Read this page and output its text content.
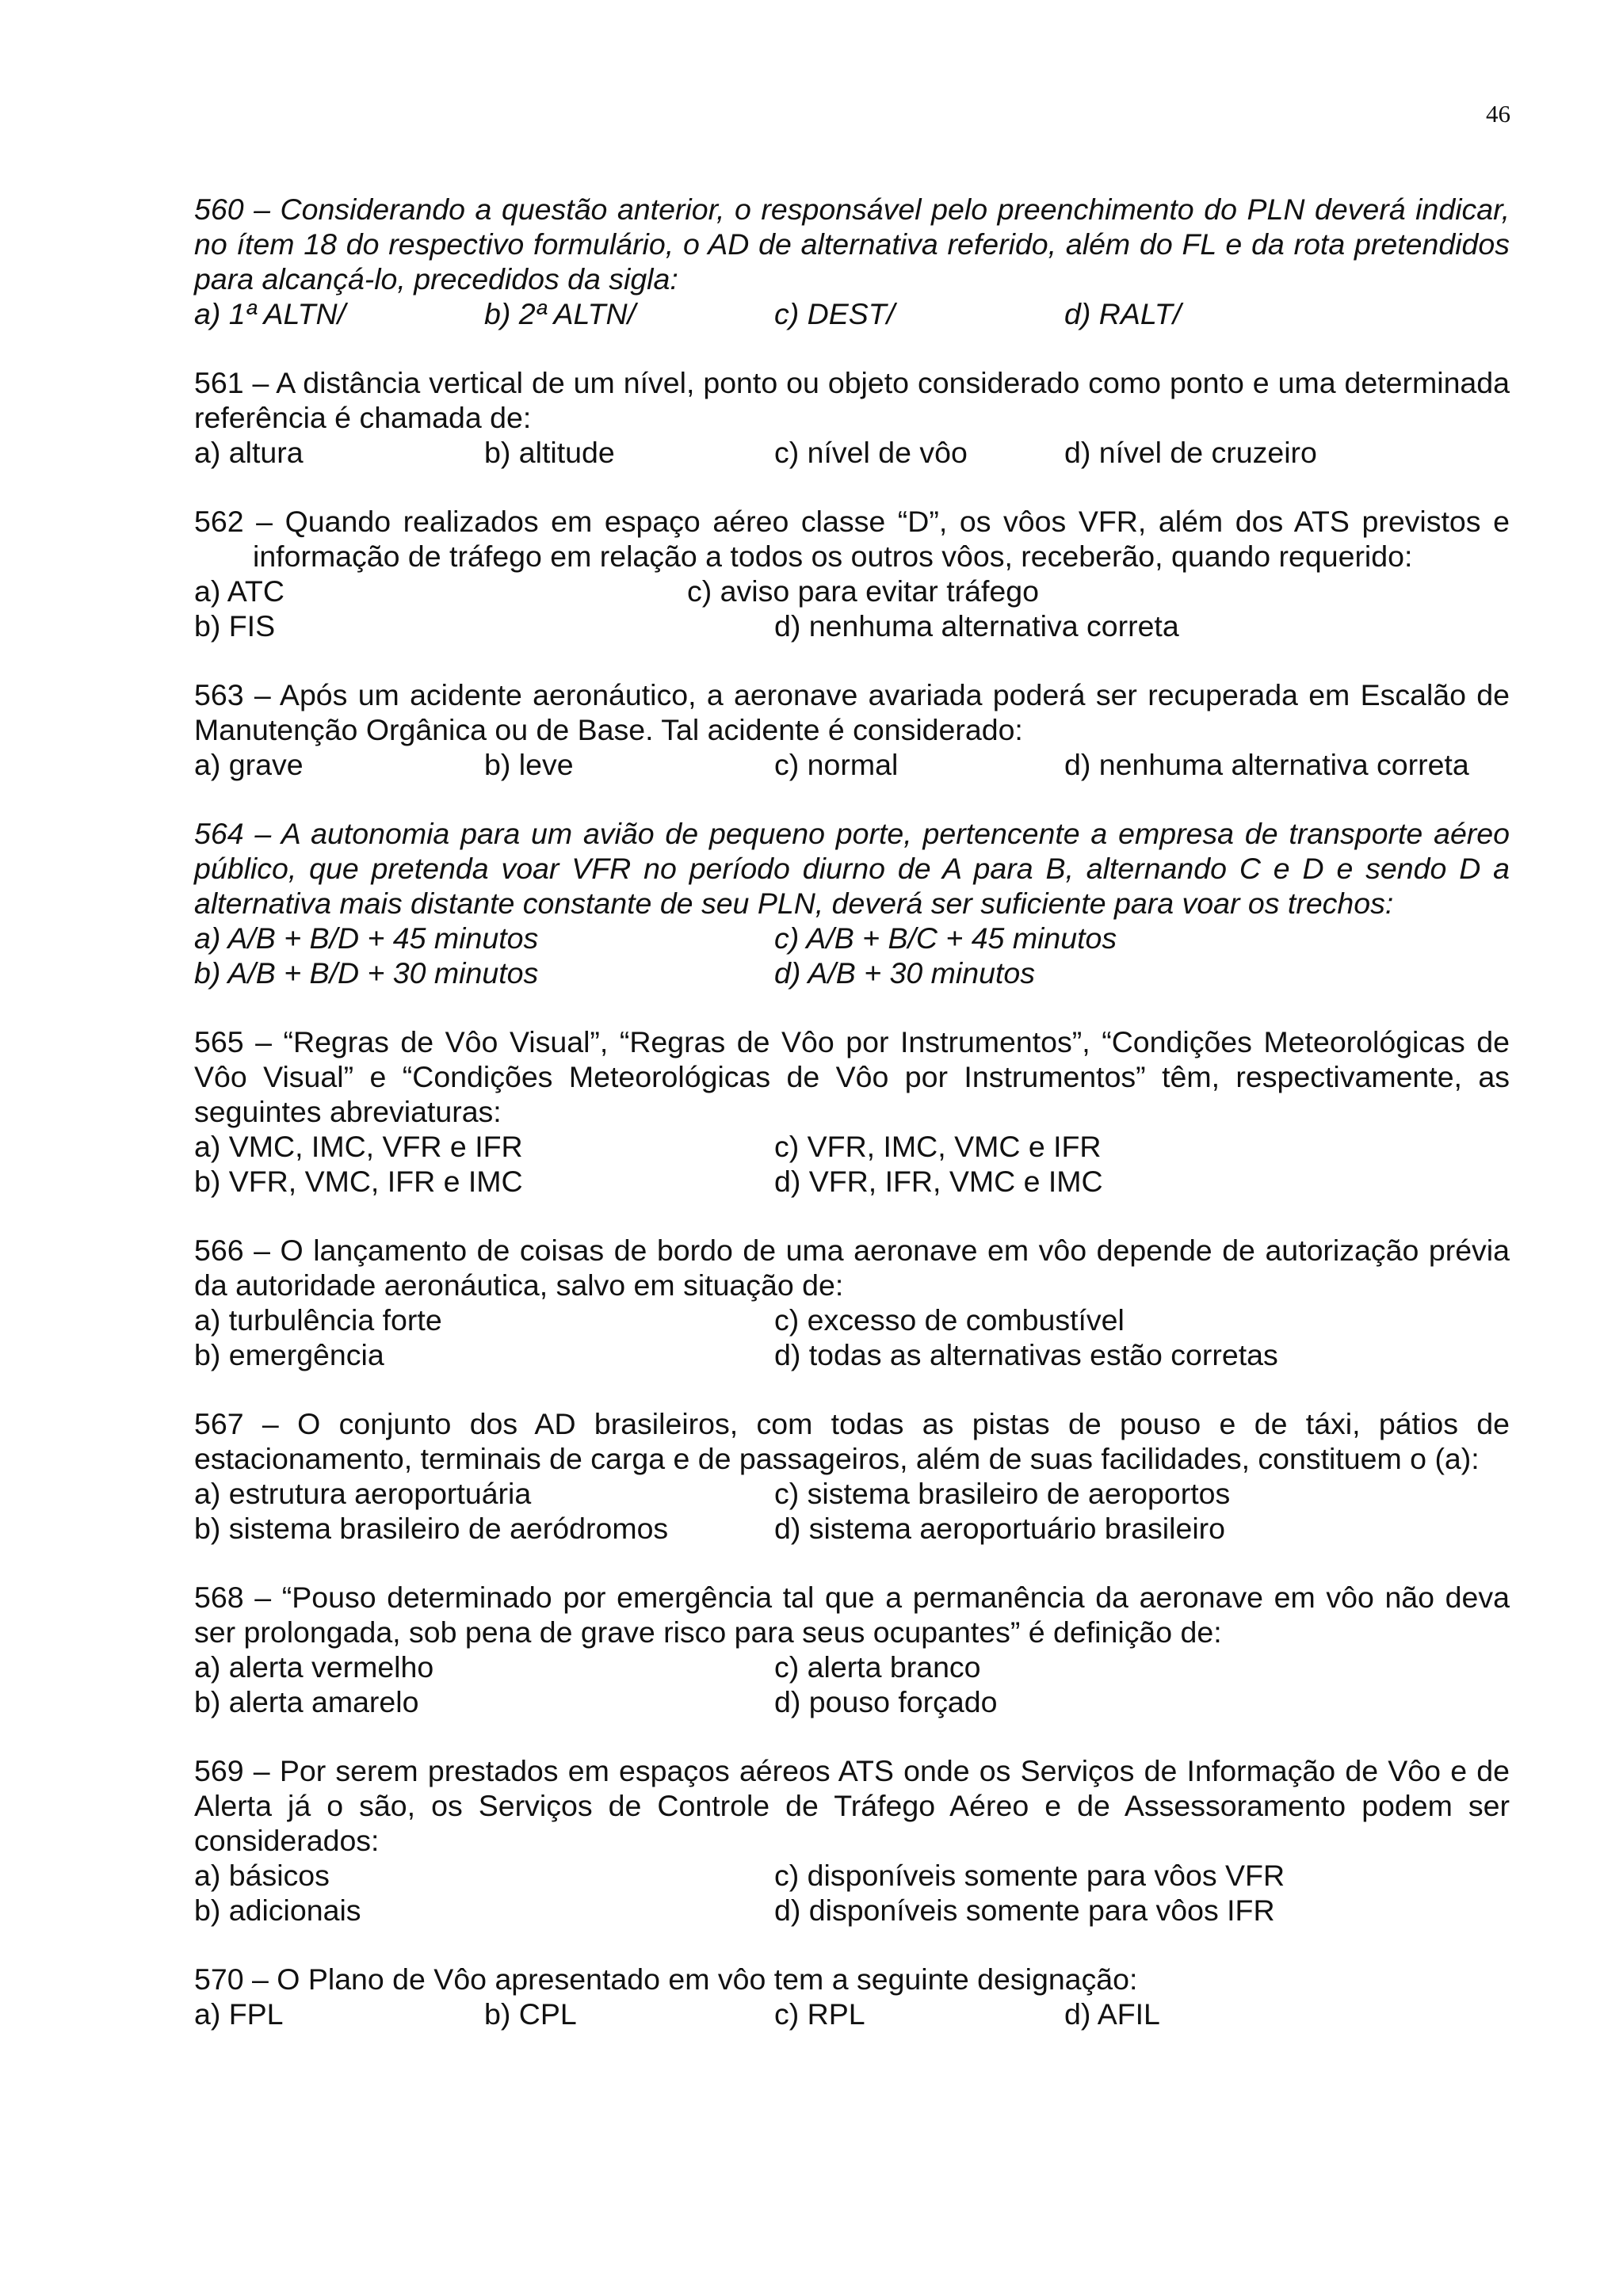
46

560 – Considerando a questão anterior, o responsável pelo preenchimento do PLN deverá indicar, no ítem 18 do respectivo formulário, o AD de alternativa referido, além do FL e da rota pretendidos para alcançá-lo, precedidos da sigla:

a) 1ª ALTN/	b) 2ª ALTN/	c) DEST/	d) RALT/

561 – A distância vertical de um nível, ponto ou objeto considerado como ponto e uma determinada referência é chamada de:

a) altura	b) altitude	c) nível de vôo	d) nível de cruzeiro

562 – Quando realizados em espaço aéreo classe “D”, os vôos VFR, além dos ATS previstos e informação de tráfego em relação a todos os outros vôos, receberão, quando requerido:

a) ATC	c) aviso para evitar tráfego
b) FIS	d) nenhuma alternativa correta

563 – Após um acidente aeronáutico, a aeronave avariada poderá ser recuperada em Escalão de Manutenção Orgânica ou de Base. Tal acidente é considerado:

a) grave	b) leve	c) normal	d) nenhuma alternativa correta

564 – A autonomia para um avião de pequeno porte, pertencente a empresa de transporte aéreo público, que pretenda voar VFR no período diurno de A para B, alternando C e D e sendo D a alternativa mais distante constante de seu PLN, deverá ser suficiente para voar os trechos:

a) A/B + B/D + 45 minutos	c) A/B + B/C + 45 minutos
b) A/B + B/D + 30 minutos	d) A/B + 30 minutos

565 – “Regras de Vôo Visual”, “Regras de Vôo por Instrumentos”, “Condições Meteorológicas de Vôo Visual” e “Condições Meteorológicas de Vôo por Instrumentos” têm, respectivamente, as seguintes abreviaturas:

a) VMC, IMC, VFR e IFR	c) VFR, IMC, VMC e IFR
b) VFR, VMC, IFR e IMC	d) VFR, IFR, VMC e IMC

566 – O lançamento de coisas de bordo de uma aeronave em vôo depende de autorização prévia da autoridade aeronáutica, salvo em situação de:

a) turbulência forte	c) excesso de combustível
b) emergência	d) todas as alternativas estão corretas

567 – O conjunto dos AD brasileiros, com todas as pistas de pouso e de táxi, pátios de estacionamento, terminais de carga e de passageiros, além de suas facilidades, constituem o (a):

a) estrutura aeroportuária	c) sistema brasileiro de aeroportos
b) sistema brasileiro de aeródromos	d) sistema aeroportuário brasileiro

568 – “Pouso determinado por emergência tal que a permanência da aeronave em vôo não deva ser prolongada, sob pena de grave risco para seus ocupantes” é definição de:

a) alerta vermelho	c) alerta branco
b) alerta amarelo	d) pouso forçado

569 – Por serem prestados em espaços aéreos ATS onde os Serviços de Informação de Vôo e de Alerta já o são, os Serviços de Controle de Tráfego Aéreo e de Assessoramento podem ser considerados:

a) básicos	c) disponíveis somente para vôos VFR
b) adicionais	d) disponíveis somente para vôos IFR

570 – O Plano de Vôo apresentado em vôo tem a seguinte designação:

a) FPL	b) CPL	c) RPL	d) AFIL
